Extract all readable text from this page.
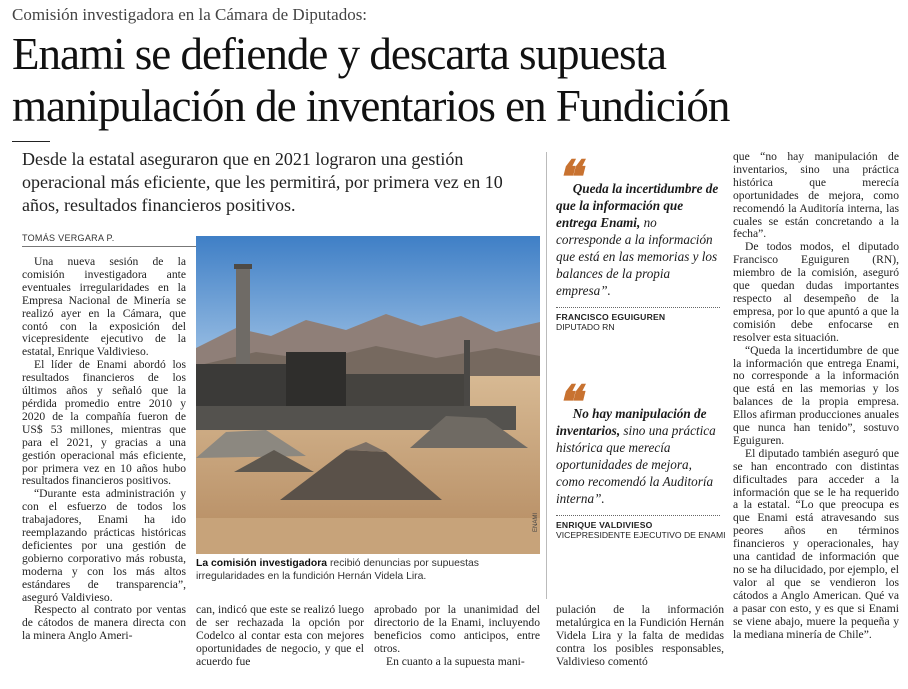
Comisión investigadora en la Cámara de Diputados:
Enami se defiende y descarta supuesta
manipulación de inventarios en Fundición
Desde la estatal aseguraron que en 2021 lograron una gestión operacional más eficiente, que les permitirá, por primera vez en 10 años, resultados financieros positivos.
TOMÁS VERGARA P.

Una nueva sesión de la comisión investigadora ante eventuales irregularidades en la Empresa Nacional de Minería se realizó ayer en la Cámara, que contó con la exposición del vicepresidente ejecutivo de la estatal, Enrique Valdivieso.

El líder de Enami abordó los resultados financieros de los últimos años y señaló que la pérdida promedio entre 2010 y 2020 de la compañía fueron de US$ 53 millones, mientras que para el 2021, y gracias a una gestión operacional más eficiente, por primera vez en 10 años hubo resultados financieros positivos.

“Durante esta administración y con el esfuerzo de todos los trabajadores, Enami ha ido reemplazando prácticas históricas deficientes por una gestión de gobierno corporativo más robusta, moderna y con los más altos estándares de transparencia”, aseguró Valdivieso.

Respecto al contrato por ventas de cátodos de manera directa con la minera Anglo Ameri-

ENAMI
La comisión investigadora recibió denuncias por supuestas irregularidades en la fundición Hernán Videla Lira.

can, indicó que este se realizó luego de ser rechazada la opción por Codelco al contar esta con mejores oportunidades de negocio, y que el acuerdo fue

aprobado por la unanimidad del directorio de la Enami, incluyendo beneficios como anticipos, entre otros.

En cuanto a la supuesta mani-

pulación de la información metalúrgica en la Fundición Hernán Videla Lira y la falta de medidas contra los posibles responsables, Valdivieso comentó

❝Queda la incertidumbre de que la información que entrega Enami, no corresponde a la información que está en las memorias y los balances de la propia empresa”.
FRANCISCO EGUIGUREN
DIPUTADO RN
❝No hay manipulación de inventarios, sino una práctica histórica que merecía oportunidades de mejora, como recomendó la Auditoría interna”.
ENRIQUE VALDIVIESO
VICEPRESIDENTE EJECUTIVO DE ENAMI

que “no hay manipulación de inventarios, sino una práctica histórica que merecía oportunidades de mejora, como recomendó la Auditoría interna, las cuales se están concretando a la fecha”.

De todos modos, el diputado Francisco Eguiguren (RN), miembro de la comisión, aseguró que quedan dudas importantes respecto al desempeño de la empresa, por lo que apuntó a que la comisión debe enfocarse en resolver esta situación.

“Queda la incertidumbre de que la información que entrega Enami, no corresponde a la información que está en las memorias y los balances de la propia empresa. Ellos afirman producciones anuales que nunca han tenido”, sostuvo Eguiguren.

El diputado también aseguró que se han encontrado con distintas dificultades para acceder a la información que se le ha requerido a la estatal. “Lo que preocupa es que Enami está atravesando sus peores años en términos financieros y operacionales, hay una cantidad de información que no se ha dilucidado, por ejemplo, el valor al que se vendieron los cátodos a Anglo American. Qué va a pasar con esto, y es que si Enami se viene abajo, muere la pequeña y la mediana minería de Chile”.
